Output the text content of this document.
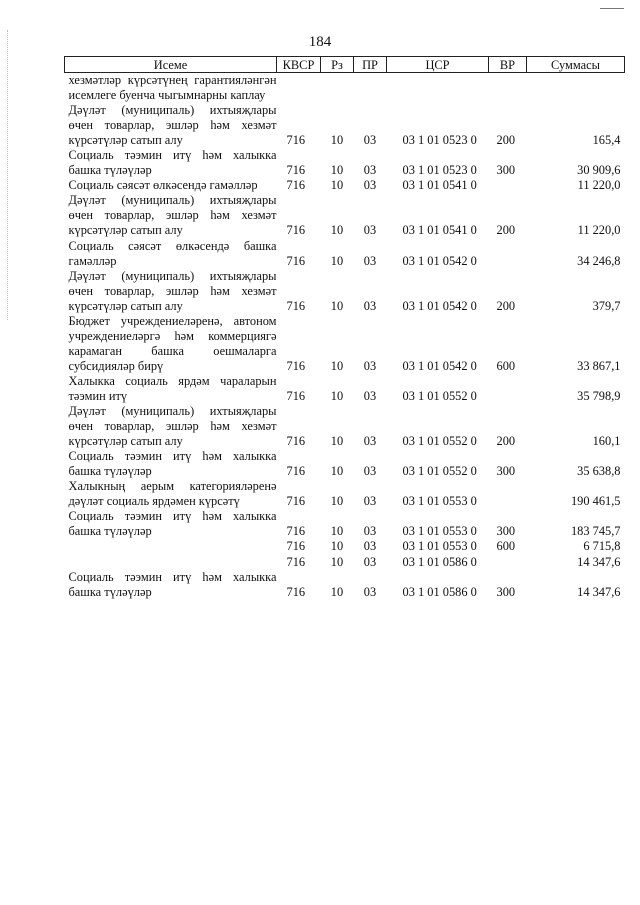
184
Исеме	КВСР	Рз	ПР	ЦСР	ВР	Суммасы
хезмәтләр күрсәтүнең гарантияләнгән исемлеге буенча чыгымнарны каплау						
Дәүләт (муниципаль) ихтыяҗлары өчен товарлар, эшләр һәм хезмәт күрсәтүләр сатып алу	716	10	03	03 1 01 0523 0	200	165,4
Социаль тәэмин итү һәм халыкка башка түләүләр	716	10	03	03 1 01 0523 0	300	30 909,6
Социаль сәясәт өлкәсендә гамәлләр	716	10	03	03 1 01 0541 0		11 220,0
Дәүләт (муниципаль) ихтыяҗлары өчен товарлар, эшләр һәм хезмәт күрсәтүләр сатып алу	716	10	03	03 1 01 0541 0	200	11 220,0
Социаль сәясәт өлкәсендә башка гамәлләр	716	10	03	03 1 01 0542 0		34 246,8
Дәүләт (муниципаль) ихтыяҗлары өчен товарлар, эшләр һәм хезмәт күрсәтүләр сатып алу	716	10	03	03 1 01 0542 0	200	379,7
Бюджет учреждениеләренә, автоном учреждениеләргә һәм коммерциягә карамаган башка оешмаларга субсидияләр бирү	716	10	03	03 1 01 0542 0	600	33 867,1
Халыкка социаль ярдәм чараларын тәэмин итү	716	10	03	03 1 01 0552 0		35 798,9
Дәүләт (муниципаль) ихтыяҗлары өчен товарлар, эшләр һәм хезмәт күрсәтүләр сатып алу	716	10	03	03 1 01 0552 0	200	160,1
Социаль тәэмин итү һәм халыкка башка түләүләр	716	10	03	03 1 01 0552 0	300	35 638,8
Халыкның аерым категорияләренә дәүләт социаль ярдәмен күрсәтү	716	10	03	03 1 01 0553 0		190 461,5
Социаль тәэмин итү һәм халыкка башка түләүләр	716	10	03	03 1 01 0553 0	300	183 745,7
	716	10	03	03 1 01 0553 0	600	6 715,8
	716	10	03	03 1 01 0586 0		14 347,6
Социаль тәэмин итү һәм халыкка башка түләүләр	716	10	03	03 1 01 0586 0	300	14 347,6
